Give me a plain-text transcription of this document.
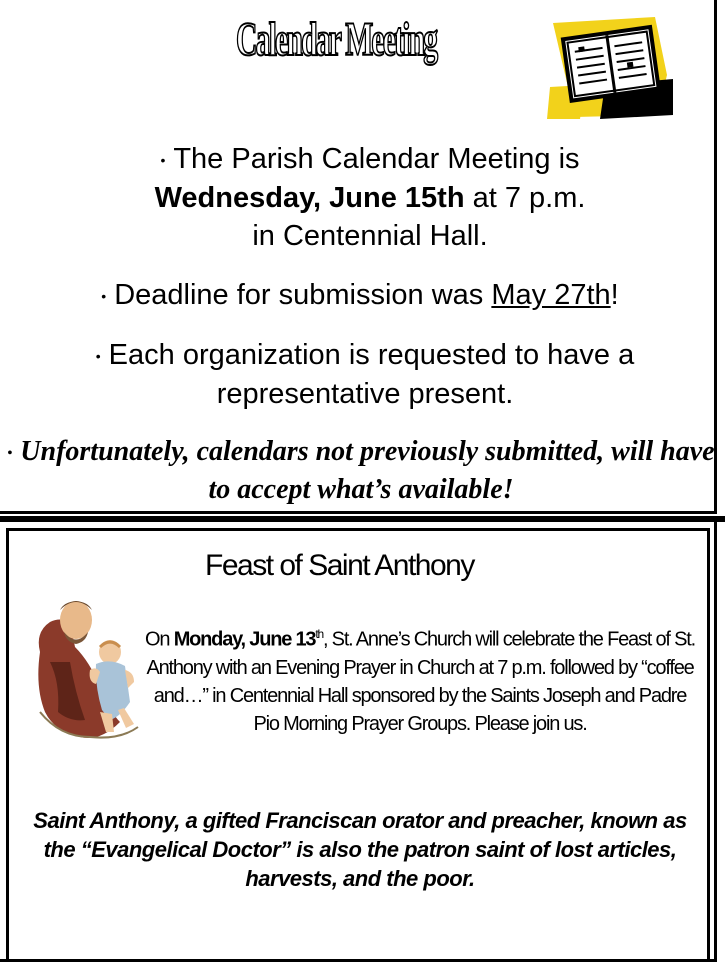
Calendar Meeting
• The Parish Calendar Meeting is
Wednesday, June 15th at 7 p.m.
in Centennial Hall.
• Deadline for submission was May 27th!
• Each organization is requested to have a representative present.
• Unfortunately, calendars not previously submitted, will have to accept what’s available!
Feast of Saint Anthony
On Monday, June 13th, St. Anne’s Church will celebrate the Feast of St. Anthony with an Evening Prayer in Church at 7 p.m. followed by “coffee and…” in Centennial Hall sponsored by the Saints Joseph and Padre Pio Morning Prayer Groups. Please join us.
Saint Anthony, a gifted Franciscan orator and preacher, known as the “Evangelical Doctor” is also the patron saint of lost articles, harvests, and the poor.
